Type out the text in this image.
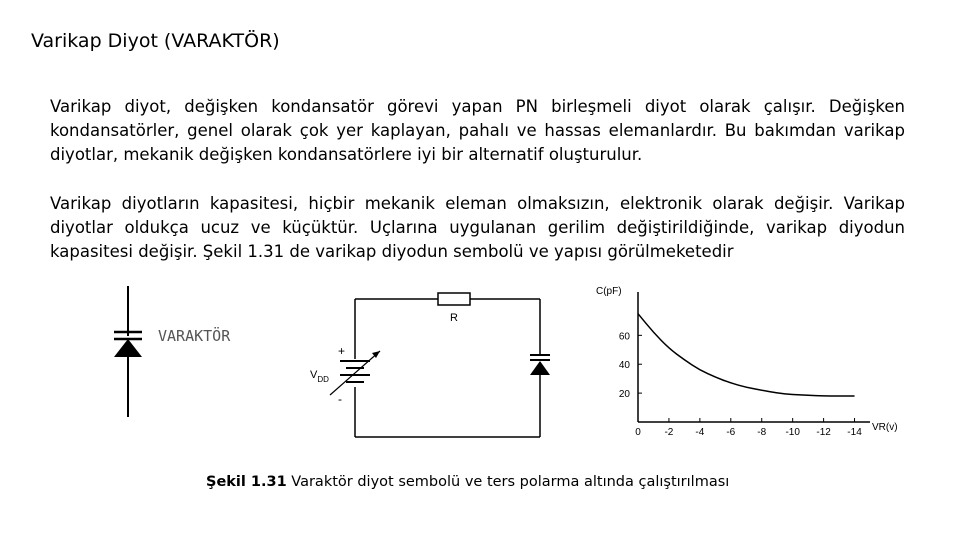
Varikap Diyot (VARAKTÖR)
Varikap diyot, değişken kondansatör görevi yapan PN birleşmeli diyot olarak çalışır. Değişken kondansatörler, genel olarak çok yer kaplayan, pahalı ve hassas elemanlardır. Bu bakımdan varikap diyotlar, mekanik değişken kondansatörlere iyi bir alternatif oluşturulur.
Varikap diyotların kapasitesi, hiçbir mekanik eleman olmaksızın, elektronik olarak değişir. Varikap diyotlar oldukça ucuz ve küçüktür. Uçlarına uygulanan gerilim değiştirildiğinde, varikap diyodun kapasitesi değişir. Şekil 1.31 de varikap diyodun sembolü ve yapısı görülmeketedir
VARAKTÖR
R
+
-
$V_{DD}$
C(pF)
VR(v)
0 -2 -4 -6 -8 -10 -12 -14
20
40
60
Şekil 1.31 Varaktör diyot sembolü ve ters polarma altında çalıştırılması
